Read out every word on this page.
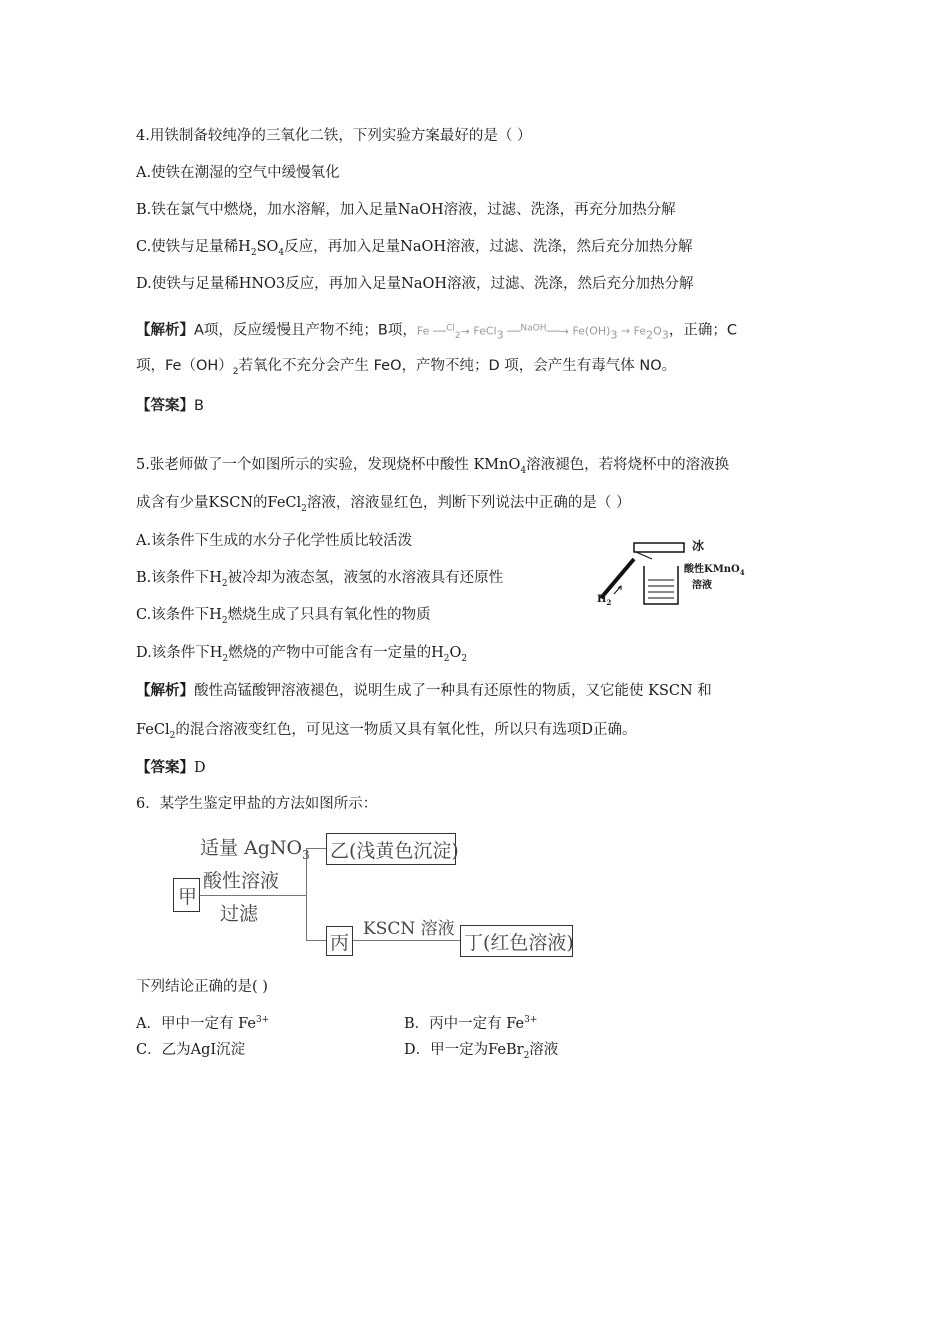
4.用铁制备较纯净的三氧化二铁，下列实验方案最好的是（ ）
A.使铁在潮湿的空气中缓慢氧化
B.铁在氯气中燃烧，加水溶解，加入足量NaOH溶液，过滤、洗涤，再充分加热分解
C.使铁与足量稀$H_2SO_4$反应，再加入足量NaOH溶液，过滤、洗涤，然后充分加热分解
D.使铁与足量稀HNO3反应，再加入足量NaOH溶液，过滤、洗涤，然后充分加热分解
【解析】A项，反应缓慢且产物不纯；B项，Fe ──$^{Cl}_2$→ FeCl$_3$ ──$^{NaOH}$──→ $Fe(OH)_3 \to Fe_2O_3$，正确；C
项，$Fe(OH)_2$若氧化不充分会产生 FeO，产物不纯；D 项，会产生有毒气体 NO。
【答案】B
5.张老师做了一个如图所示的实验，发现烧杯中酸性 KMnO$_4$溶液褪色，若将烧杯中的溶液换
成含有少量KSCN的FeCl$_2$溶液，溶液显红色，判断下列说法中正确的是（ ）
A.该条件下生成的水分子化学性质比较活泼
B.该条件下$H_2$被冷却为液态氢，液氢的水溶液具有还原性
C.该条件下$H_2$燃烧生成了只具有氧化性的物质
D.该条件下$H_2$燃烧的产物中可能含有一定量的$H_2O_2$
冰
酸性KMnO$_4$
溶液
$H_2$
【解析】酸性高锰酸钾溶液褪色，说明生成了一种具有还原性的物质，又它能使 KSCN 和
FeCl$_2$的混合溶液变红色，可见这一物质又具有氧化性，所以只有选项D正确。
【答案】D
6．某学生鉴定甲盐的方法如图所示：
甲
适量 AgNO$_3$
酸性溶液
过滤
乙(浅黄色沉淀)
丙
KSCN 溶液
丁(红色溶液)
下列结论正确的是( )
A．甲中一定有 $Fe^{3+}$	B．丙中一定有 $Fe^{3+}$
C．乙为AgI沉淀	D．甲一定为FeBr$_2$溶液
